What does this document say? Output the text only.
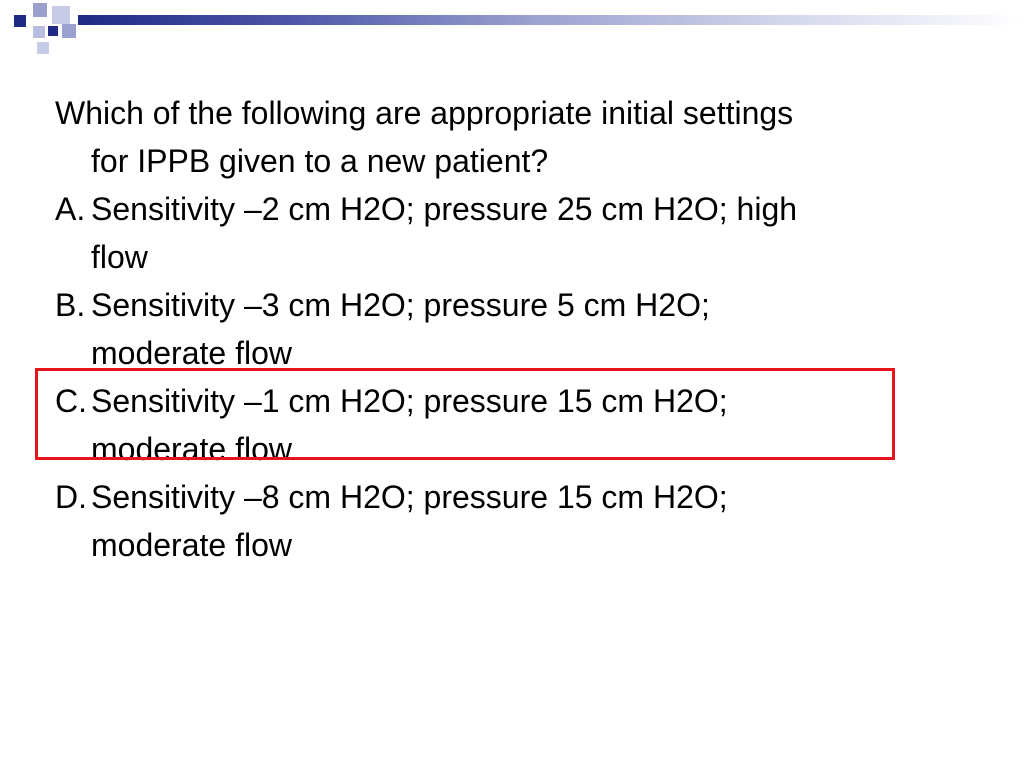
Which of the following are appropriate initial settings
for IPPB given to a new patient?
A. Sensitivity –2 cm H2O; pressure 25 cm H2O; high
flow
B. Sensitivity –3 cm H2O; pressure 5 cm H2O;
moderate flow
C. Sensitivity –1 cm H2O; pressure 15 cm H2O;
moderate flow
D. Sensitivity –8 cm H2O; pressure 15 cm H2O;
moderate flow
